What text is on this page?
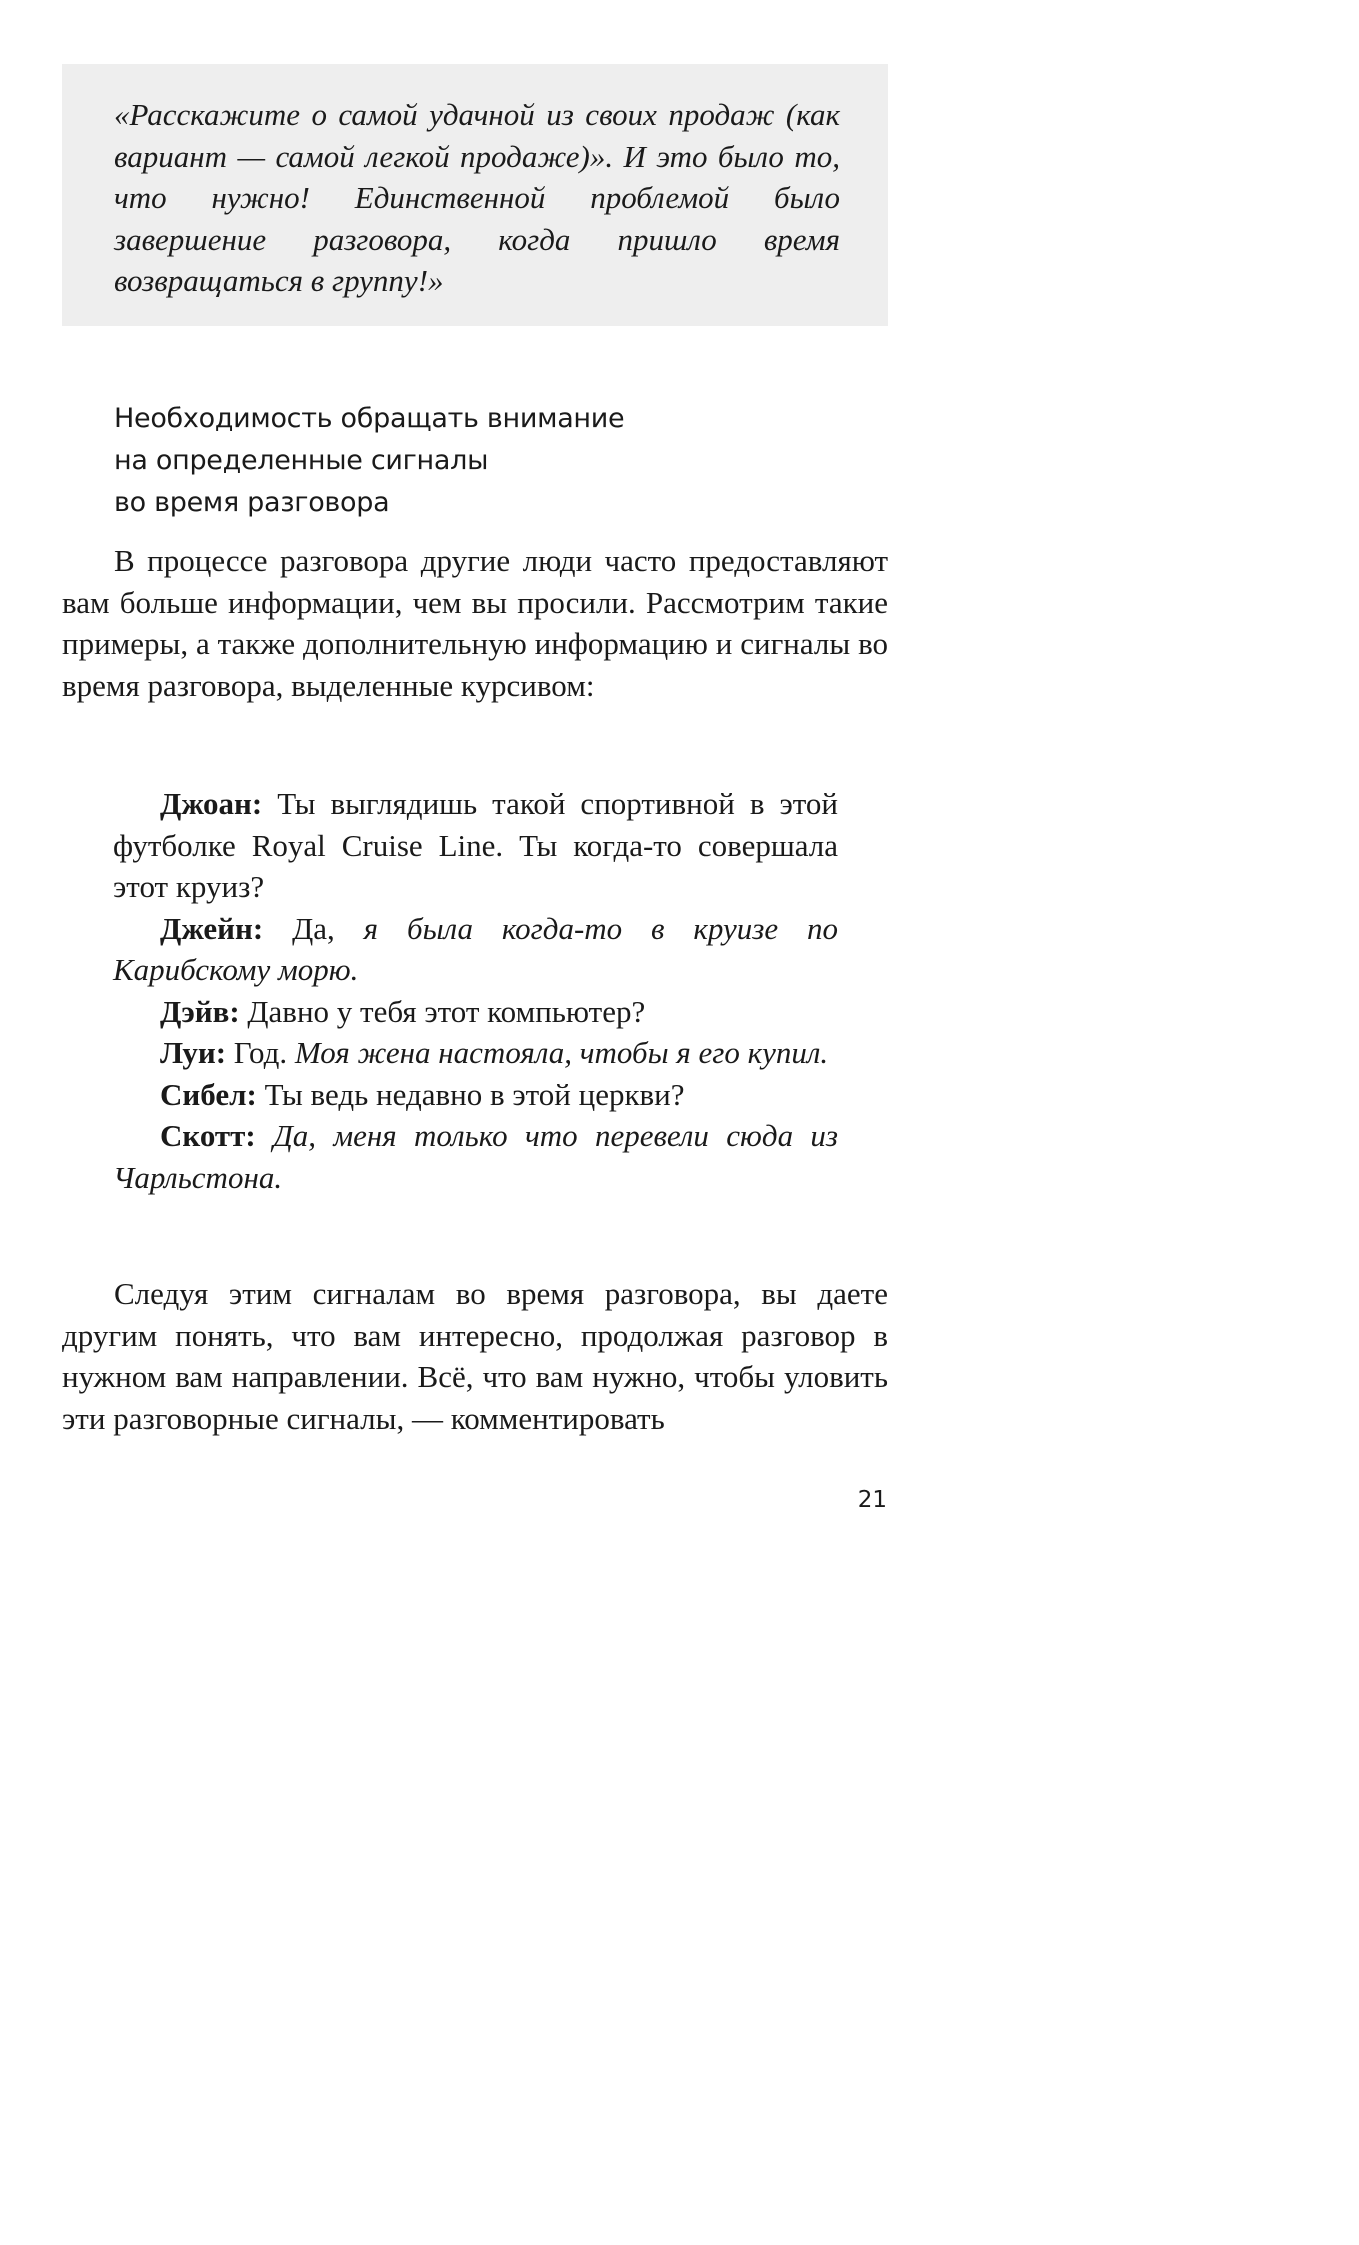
«Расскажите о самой удачной из своих продаж (как вариант — самой легкой продаже)». И это было то, что нужно! Единственной проблемой было завершение разговора, когда пришло время возвращаться в группу!»

Необходимость обращать внимание
на определенные сигналы
во время разговора

В процессе разговора другие люди часто предоставляют вам больше информации, чем вы просили. Рассмотрим такие примеры, а также дополнительную информацию и сигналы во время разговора, выделенные курсивом:

Джоан: Ты выглядишь такой спортивной в этой футболке Royal Cruise Line. Ты когда-то совершала этот круиз?

Джейн: Да, я была когда-то в круизе по Карибскому морю.

Дэйв: Давно у тебя этот компьютер?

Луи: Год. Моя жена настояла, чтобы я его купил.

Сибел: Ты ведь недавно в этой церкви?

Скотт: Да, меня только что перевели сюда из Чарльстона.

Следуя этим сигналам во время разговора, вы даете другим понять, что вам интересно, продолжая разговор в нужном вам направлении. Всё, что вам нужно, чтобы уловить эти разговорные сигналы, — комментировать

21
